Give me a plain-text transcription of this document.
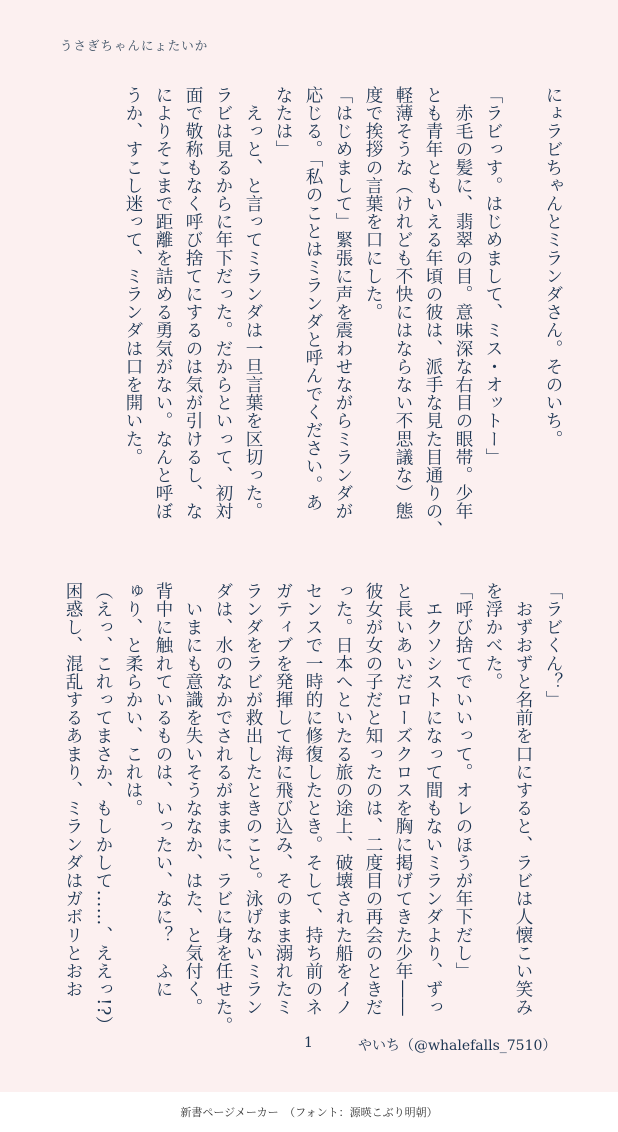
うさぎちゃんにょたいか

にょラビちゃんとミランダさん。そのいち。

「ラビっす。はじめまして、ミス・オットー」

　赤毛の髪に、翡翠の目。意味深な右目の眼帯。少年

とも青年ともいえる年頃の彼は、派手な見た目通りの、

軽薄そうな（けれども不快にはならない不思議な）態

度で挨拶の言葉を口にした。

「はじめまして」緊張に声を震わせながらミランダが

応じる。「私のことはミランダと呼んでください。あ

なたは」

　えっと、と言ってミランダは一旦言葉を区切った。

ラビは見るからに年下だった。だからといって、初対

面で敬称もなく呼び捨てにするのは気が引けるし、な

によりそこまで距離を詰める勇気がない。なんと呼ぼ

うか、すこし迷って、ミランダは口を開いた。

「ラビくん？」

　おずおずと名前を口にすると、ラビは人懐こい笑み

を浮かべた。

「呼び捨てでいいって。オレのほうが年下だし」

　エクソシストになって間もないミランダより、ずっ

と長いあいだローズクロスを胸に掲げてきた少年――

彼女が女の子だと知ったのは、二度目の再会のときだ

った。日本へといたる旅の途上、破壊された船をイノ

センスで一時的に修復したとき。そして、持ち前のネ

ガティブを発揮して海に飛び込み、そのまま溺れたミ

ランダをラビが救出したときのこと。泳げないミラン

ダは、水のなかでされるがままに、ラビに身を任せた。

　いまにも意識を失いそうななか、はた、と気付く。

背中に触れているものは、いったい、なに？　ふに

ゅり、と柔らかい、これは。

（えっ、これってまさか、もしかして……、ええっ!?）

困惑し、混乱するあまり、ミランダはガボリとおお

1	やいち（@whalefalls_7510）
新書ページメーカー　（フォント：源暎こぶり明朝）
